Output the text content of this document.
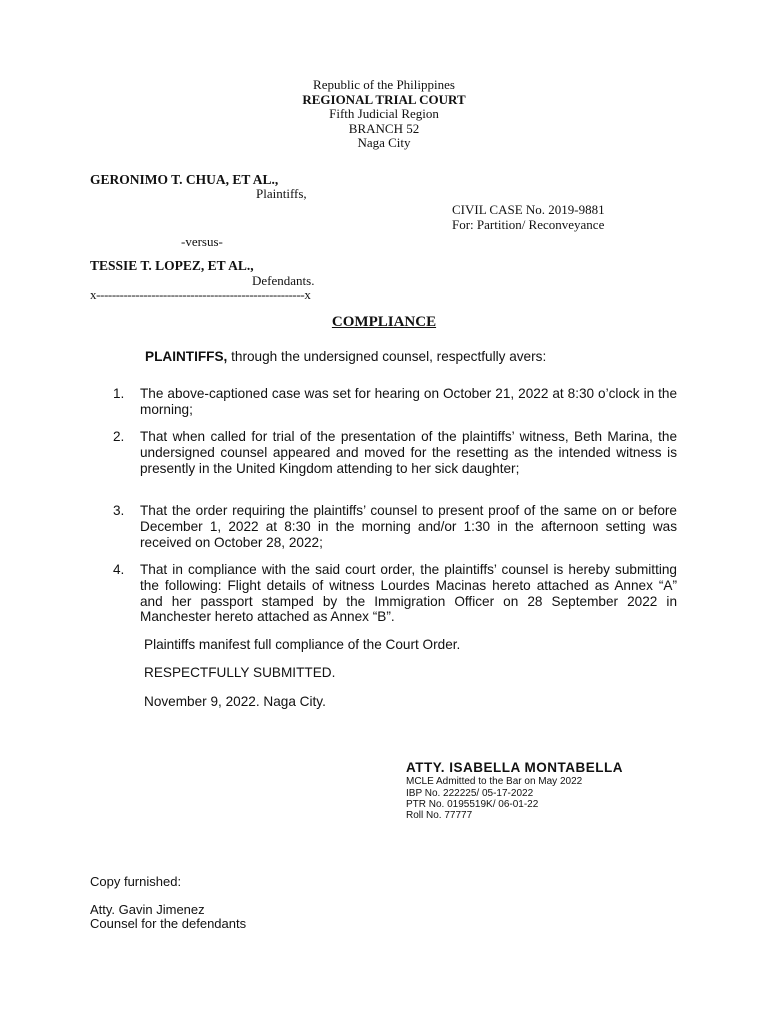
Republic of the Philippines
REGIONAL TRIAL COURT
Fifth Judicial Region
BRANCH 52
Naga City
GERONIMO T. CHUA, ET AL.,
Plaintiffs,
CIVIL CASE No. 2019-9881
For: Partition/ Reconveyance
-versus-
TESSIE T. LOPEZ, ET AL.,
Defendants.
x-----------------------------------------------------x
COMPLIANCE
PLAINTIFFS, through the undersigned counsel, respectfully avers:
1. The above-captioned case was set for hearing on October 21, 2022 at 8:30 o’clock in the morning;
2. That when called for trial of the presentation of the plaintiffs’ witness, Beth Marina, the undersigned counsel appeared and moved for the resetting as the intended witness is presently in the United Kingdom attending to her sick daughter;
3. That the order requiring the plaintiffs’ counsel to present proof of the same on or before December 1, 2022 at 8:30 in the morning and/or 1:30 in the afternoon setting was received on October 28, 2022;
4. That in compliance with the said court order, the plaintiffs’ counsel is hereby submitting the following: Flight details of witness Lourdes Macinas hereto attached as Annex “A” and her passport stamped by the Immigration Officer on 28 September 2022 in Manchester hereto attached as Annex “B”.
Plaintiffs manifest full compliance of the Court Order.
RESPECTFULLY SUBMITTED.
November 9, 2022. Naga City.
ATTY. ISABELLA MONTABELLA
MCLE Admitted to the Bar on May 2022
IBP No. 222225/ 05-17-2022
PTR No. 0195519K/ 06-01-22
Roll No. 77777
Copy furnished:
Atty. Gavin Jimenez
Counsel for the defendants
